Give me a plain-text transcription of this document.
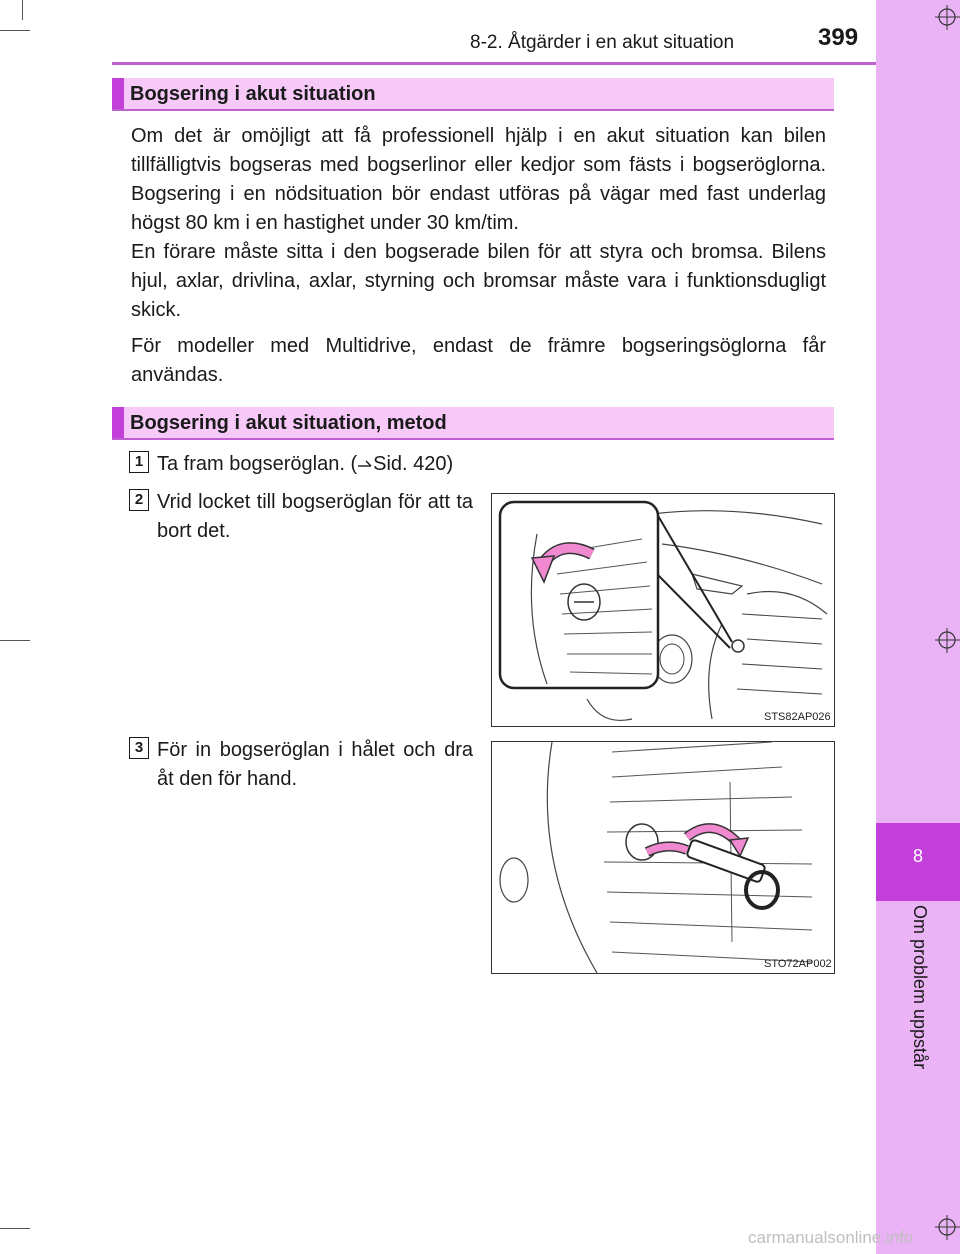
8
Om problem uppstår
8-2. Åtgärder i en akut situation	399
Bogsering i akut situation
Om det är omöjligt att få professionell hjälp i en akut situation kan bilen tillfälligtvis bogseras med bogserlinor eller kedjor som fästs i bogseröglorna. Bogsering i en nödsituation bör endast utföras på vägar med fast underlag högst 80 km i en hastighet under 30 km/tim.
En förare måste sitta i den bogserade bilen för att styra och bromsa. Bilens hjul, axlar, drivlina, axlar, styrning och bromsar måste vara i funktionsdugligt skick.
För modeller med Multidrive, endast de främre bogseringsöglorna får användas.
Bogsering i akut situation, metod
1 Ta fram bogseröglan. ( Sid. 420)
2 Vrid locket till bogseröglan för att ta bort det.
STS82AP026
3 För in bogseröglan i hålet och dra åt den för hand.
STO72AP002
carmanualsonline.info
